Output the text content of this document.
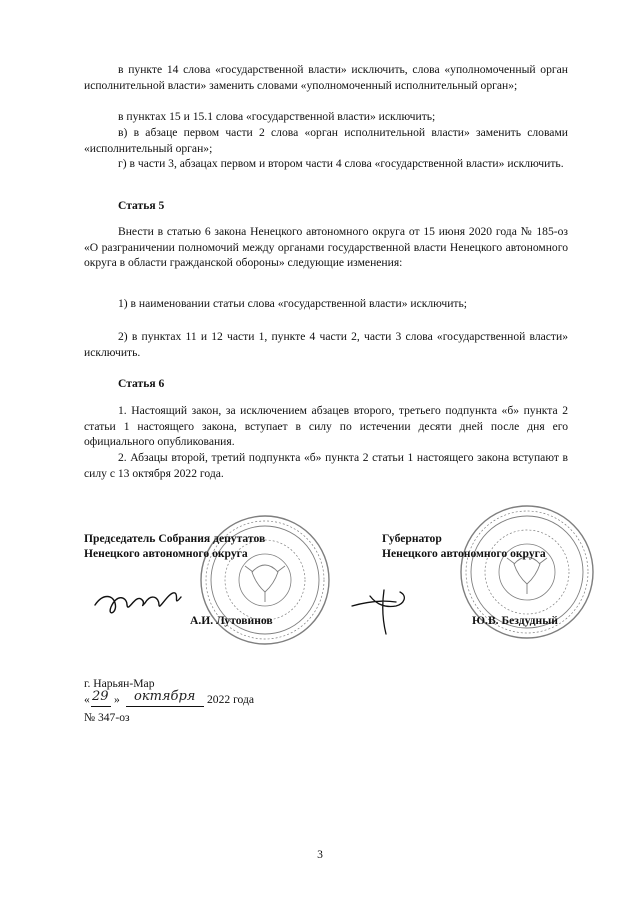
в пункте 14 слова «государственной власти» исключить, слова «уполномоченный орган исполнительной власти» заменить словами «уполномоченный исполнительный орган»;

в пунктах 15 и 15.1 слова «государственной власти» исключить;

в) в абзаце первом части 2 слова «орган исполнительной власти» заменить словами «исполнительный орган»;

г) в части 3, абзацах первом и втором части 4 слова «государственной власти» исключить.

Статья 5

Внести в статью 6 закона Ненецкого автономного округа от 15 июня 2020 года № 185-оз «О разграничении полномочий между органами государственной власти Ненецкого автономного округа в области гражданской обороны» следующие изменения:

1) в наименовании статьи слова «государственной власти» исключить;

2) в пунктах 11 и 12 части 1, пункте 4 части 2, части 3 слова «государственной власти» исключить.

Статья 6

1. Настоящий закон, за исключением абзацев второго, третьего подпункта «б» пункта 2 статьи 1 настоящего закона, вступает в силу по истечении десяти дней после дня его официального опубликования.

2. Абзацы второй, третий подпункта «б» пункта 2 статьи 1 настоящего закона вступают в силу с 13 октября 2022 года.

Председатель Собрания депутатов

Ненецкого автономного округа

А.И. Лутовинов

Губернатор

Ненецкого автономного округа

Ю.В. Бездудный

г. Нарьян-Мар

« 29 » октября 2022 года

№ 347-оз

3
